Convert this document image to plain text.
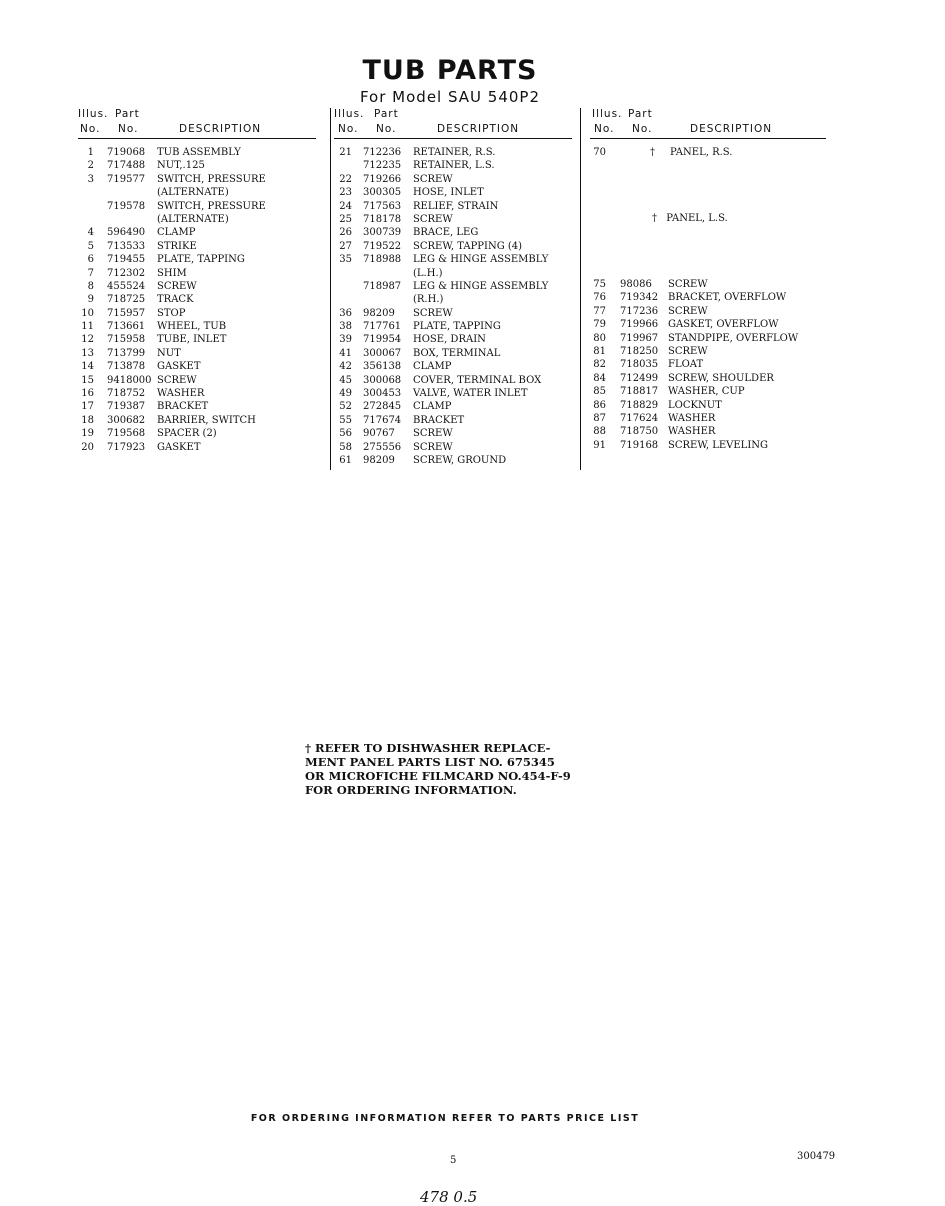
TUB PARTS
For Model SAU 540P2
Illus. Part
No. No.	DESCRIPTION
1 719068 TUB ASSEMBLY
2 717488 NUT,.125
3 719577 SWITCH, PRESSURE
(ALTERNATE)
719578 SWITCH, PRESSURE
(ALTERNATE)
4 596490 CLAMP
5 713533 STRIKE
6 719455 PLATE, TAPPING
7 712302 SHIM
8 455524 SCREW
9 718725 TRACK
10 715957 STOP
11 713661 WHEEL, TUB
12 715958 TUBE, INLET
13 713799 NUT
14 713878 GASKET
15 9418000 SCREW
16 718752 WASHER
17 719387 BRACKET
18 300682 BARRIER, SWITCH
19 719568 SPACER (2)
20 717923 GASKET
Illus. Part
No. No.	DESCRIPTION
21 712236 RETAINER, R.S.
712235 RETAINER, L.S.
22 719266 SCREW
23 300305 HOSE, INLET
24 717563 RELIEF, STRAIN
25 718178 SCREW
26 300739 BRACE, LEG
27 719522 SCREW, TAPPING (4)
35 718988 LEG & HINGE ASSEMBLY
(L.H.)
718987 LEG & HINGE ASSEMBLY
(R.H.)
36 98209 SCREW
38 717761 PLATE, TAPPING
39 719954 HOSE, DRAIN
41 300067 BOX, TERMINAL
42 356138 CLAMP
45 300068 COVER, TERMINAL BOX
49 300453 VALVE, WATER INLET
52 272845 CLAMP
55 717674 BRACKET
56 90767 SCREW
58 275556 SCREW
61 98209 SCREW, GROUND
Illus. Part
No. No.	DESCRIPTION
70	† PANEL, R.S.
† PANEL, L.S.
75 98086 SCREW
76 719342 BRACKET, OVERFLOW
77 717236 SCREW
79 719966 GASKET, OVERFLOW
80 719967 STANDPIPE, OVERFLOW
81 718250 SCREW
82 718035 FLOAT
84 712499 SCREW, SHOULDER
85 718817 WASHER, CUP
86 718829 LOCKNUT
87 717624 WASHER
88 718750 WASHER
91 719168 SCREW, LEVELING
† REFER TO DISHWASHER REPLACE-
MENT PANEL PARTS LIST NO. 675345
OR MICROFICHE FILMCARD NO.454-F-9
FOR ORDERING INFORMATION.
FOR ORDERING INFORMATION REFER TO PARTS PRICE LIST
5	300479
478 0.5
